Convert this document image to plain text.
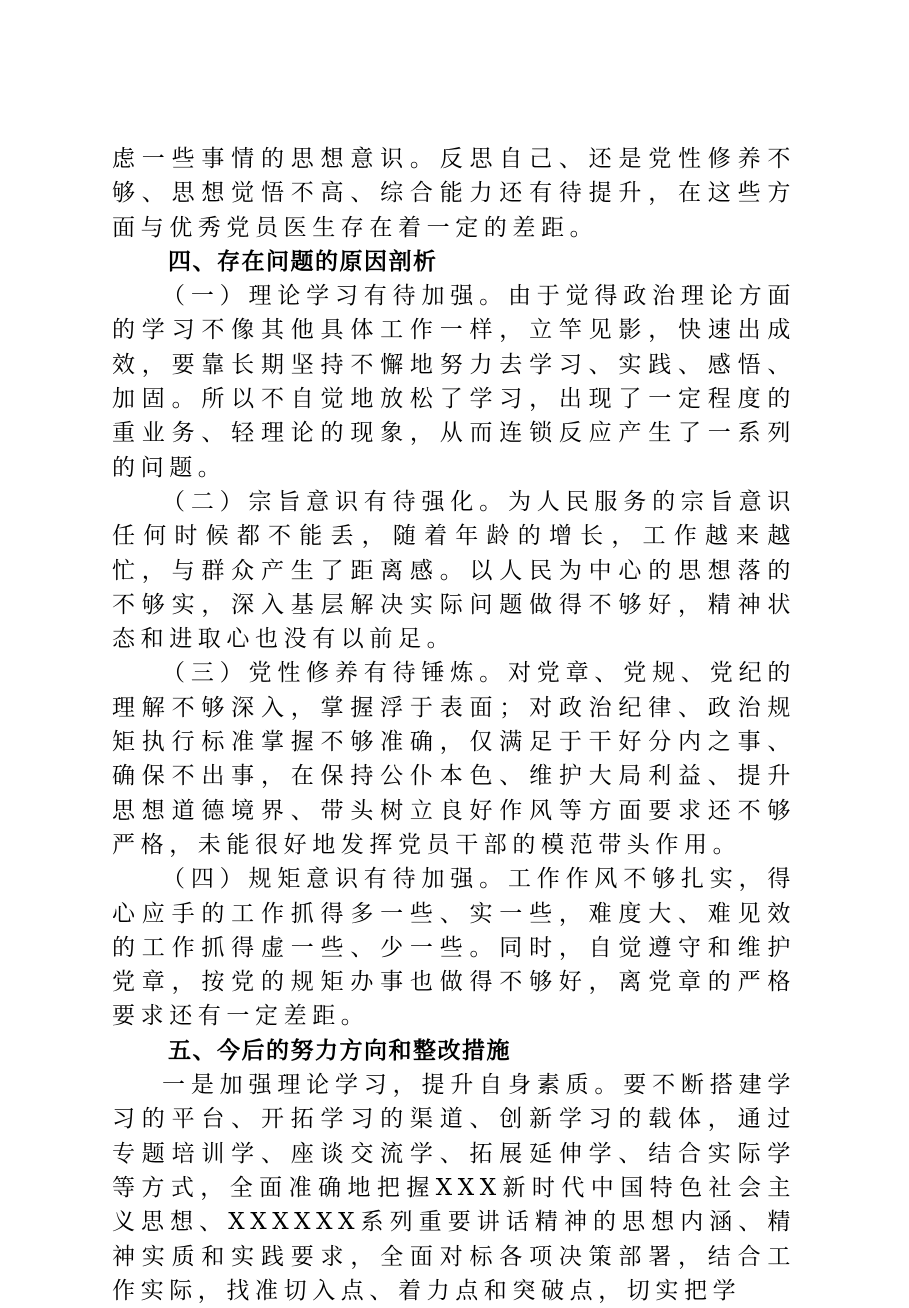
虑一些事情的思想意识。反思自己、还是党性修养不够、思想觉悟不高、综合能力还有待提升，在这些方面与优秀党员医生存在着一定的差距。

四、存在问题的原因剖析

（一）理论学习有待加强。由于觉得政治理论方面的学习不像其他具体工作一样，立竿见影，快速出成效，要靠长期坚持不懈地努力去学习、实践、感悟、加固。所以不自觉地放松了学习，出现了一定程度的重业务、轻理论的现象，从而连锁反应产生了一系列的问题。

（二）宗旨意识有待强化。为人民服务的宗旨意识任何时候都不能丢，随着年龄的增长，工作越来越忙，与群众产生了距离感。以人民为中心的思想落的不够实，深入基层解决实际问题做得不够好，精神状态和进取心也没有以前足。

（三）党性修养有待锤炼。对党章、党规、党纪的理解不够深入，掌握浮于表面；对政治纪律、政治规矩执行标准掌握不够准确，仅满足于干好分内之事、确保不出事，在保持公仆本色、维护大局利益、提升思想道德境界、带头树立良好作风等方面要求还不够严格，未能很好地发挥党员干部的模范带头作用。

（四）规矩意识有待加强。工作作风不够扎实，得心应手的工作抓得多一些、实一些，难度大、难见效的工作抓得虚一些、少一些。同时，自觉遵守和维护党章，按党的规矩办事也做得不够好，离党章的严格要求还有一定差距。

五、今后的努力方向和整改措施

一是加强理论学习，提升自身素质。要不断搭建学习的平台、开拓学习的渠道、创新学习的载体，通过专题培训学、座谈交流学、拓展延伸学、结合实际学等方式，全面准确地把握XXX新时代中国特色社会主义思想、XXXXXX系列重要讲话精神的思想内涵、精神实质和实践要求，全面对标各项决策部署，结合工作实际，找准切入点、着力点和突破点，切实把学
